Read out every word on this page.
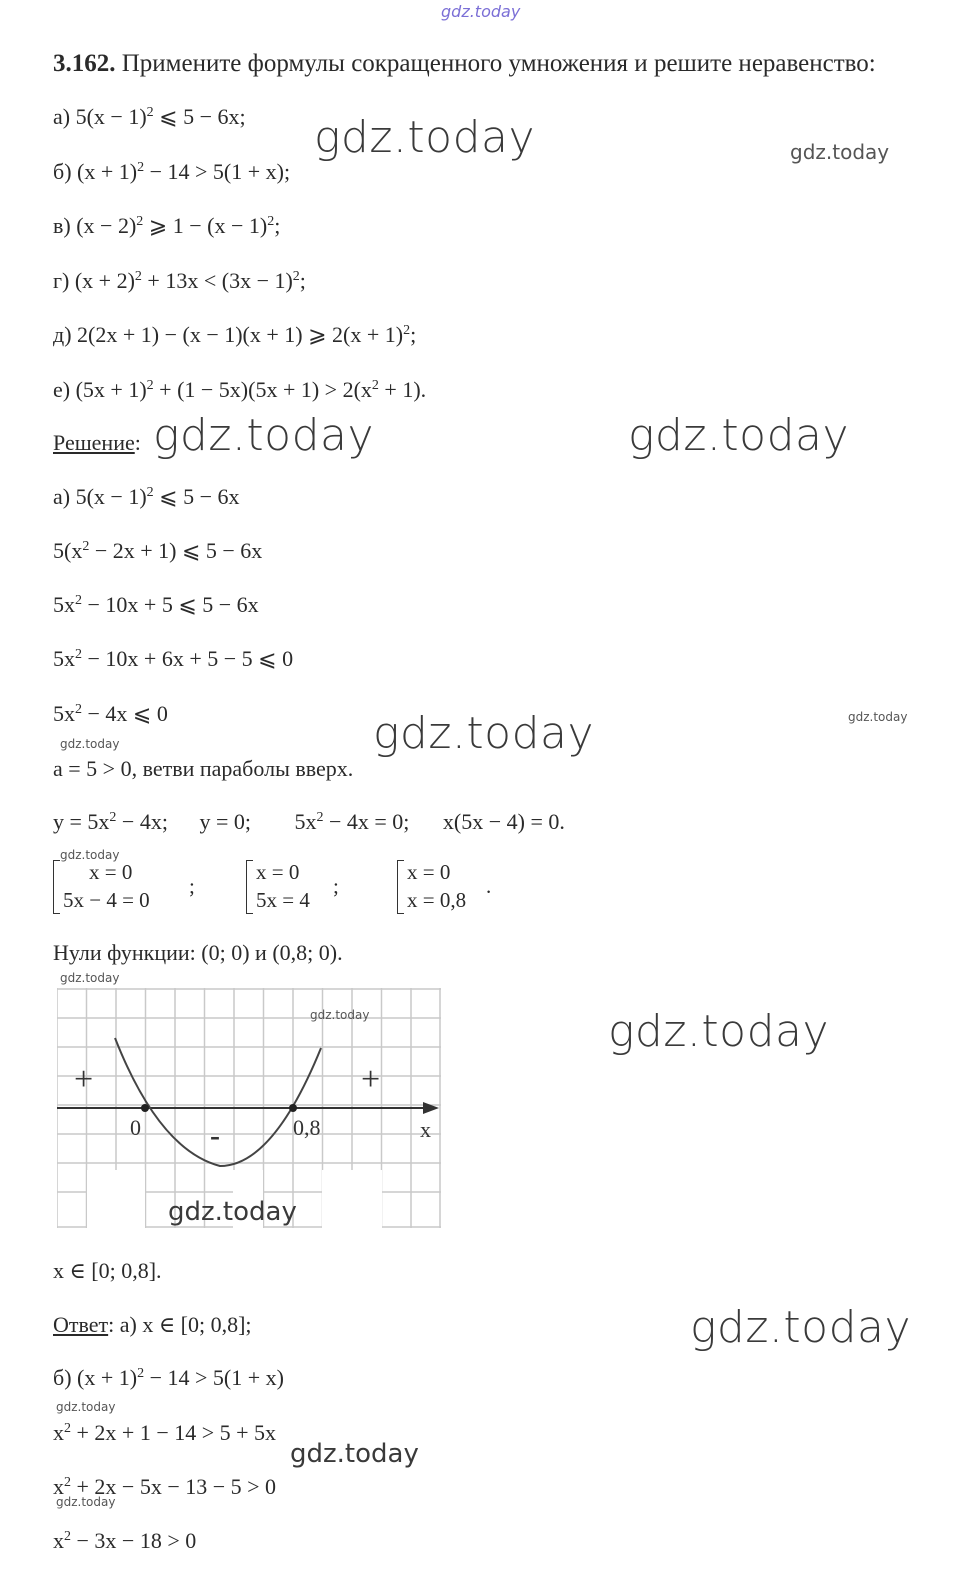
gdz.today
3.162. Примените формулы сокращенного умножения и решите неравенство:
а) $5(x - 1)^2$ ⩽ 5 − 6x;
б) $(x + 1)^2 - 14 > 5(1 + x)$;
в) $(x - 2)^2$ ⩾ $1 - (x - 1)^2$;
г) $(x + 2)^2 + 13x < (3x - 1)^2$;
д) 2(2x + 1) − (x − 1)(x + 1) ⩾ $2(x + 1)^2$;
е) $(5x + 1)^2 + (1 - 5x)(5x + 1) > 2(x^2 + 1)$.
Решение:
а) $5(x - 1)^2$ ⩽ 5 − 6x
$5(x^2 - 2x + 1)$ ⩽ 5 − 6x
$5x^2 - 10x + 5$ ⩽ 5 − 6x
$5x^2 - 10x + 6x + 5 - 5$ ⩽ 0
$5x^2 - 4x$ ⩽ 0
a = 5 > 0, ветви параболы вверх.
$y = 5x^2 - 4x$; y = 0; $5x^2 - 4x = 0$; x(5x − 4) = 0.
x = 0
5x − 4 = 0
;
x = 0
5x = 4
;
x = 0
x = 0,8
.
Нули функции: (0; 0) и (0,8; 0).
+	+
-
0	0,8	x
x ∈ [0; 0,8].
Ответ: а) x ∈ [0; 0,8];
б) $(x + 1)^2 - 14 > 5(1 + x)$
$x^2 + 2x + 1 - 14 > 5 + 5x$
$x^2 + 2x - 5x - 13 - 5 > 0$
$x^2 - 3x - 18 > 0$
gdz.today	gdz.today
gdz.today	gdz.today
gdz.today	gdz.today
gdz.today
gdz.today
gdz.today
gdz.today	gdz.today
gdz.today
gdz.today
gdz.today
gdz.today
gdz.today
